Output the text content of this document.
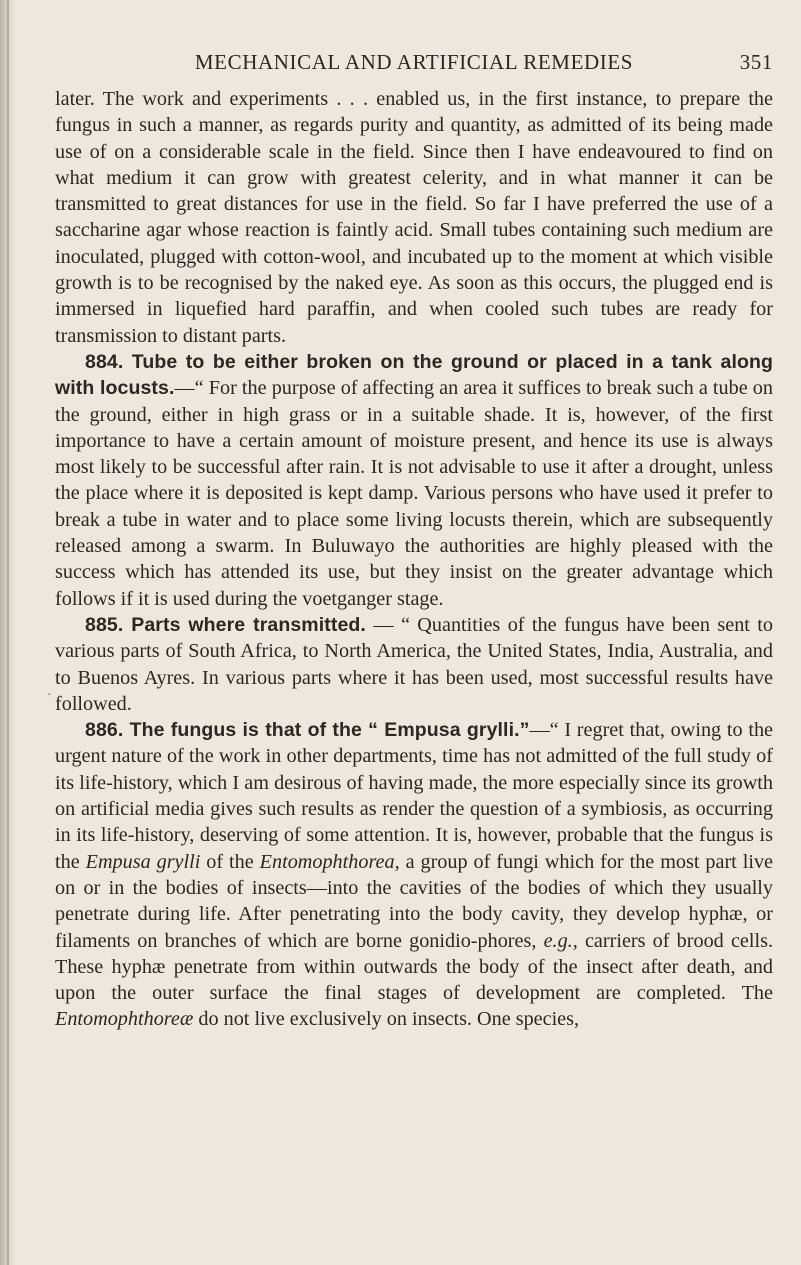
·
MECHANICAL AND ARTIFICIAL REMEDIES	351

later. The work and experiments . . . enabled us, in the first instance, to prepare the fungus in such a manner, as regards purity and quantity, as admitted of its being made use of on a considerable scale in the field. Since then I have endeavoured to find on what medium it can grow with greatest celerity, and in what manner it can be transmitted to great distances for use in the field. So far I have preferred the use of a saccharine agar whose reaction is faintly acid. Small tubes containing such medium are inoculated, plugged with cotton-wool, and incubated up to the moment at which visible growth is to be recognised by the naked eye. As soon as this occurs, the plugged end is immersed in liquefied hard paraffin, and when cooled such tubes are ready for transmission to distant parts.

884. Tube to be either broken on the ground or placed in a tank along with locusts.—“ For the purpose of affecting an area it suffices to break such a tube on the ground, either in high grass or in a suitable shade. It is, however, of the first importance to have a certain amount of moisture present, and hence its use is always most likely to be successful after rain. It is not advisable to use it after a drought, unless the place where it is deposited is kept damp. Various persons who have used it prefer to break a tube in water and to place some living locusts therein, which are subsequently released among a swarm. In Buluwayo the authorities are highly pleased with the success which has attended its use, but they insist on the greater advantage which follows if it is used during the voetganger stage.

885. Parts where transmitted. — “ Quantities of the fungus have been sent to various parts of South Africa, to North America, the United States, India, Australia, and to Buenos Ayres. In various parts where it has been used, most successful results have followed.

886. The fungus is that of the “ Empusa grylli.”—“ I regret that, owing to the urgent nature of the work in other departments, time has not admitted of the full study of its life-history, which I am desirous of having made, the more especially since its growth on artificial media gives such results as render the question of a symbiosis, as occurring in its life-history, deserving of some attention. It is, however, probable that the fungus is the Empusa grylli of the Entomophthorea, a group of fungi which for the most part live on or in the bodies of insects—into the cavities of the bodies of which they usually penetrate during life. After penetrating into the body cavity, they develop hyphæ, or filaments on branches of which are borne gonidio-phores, e.g., carriers of brood cells. These hyphæ penetrate from within outwards the body of the insect after death, and upon the outer surface the final stages of development are completed. The Entomophthoreæ do not live exclusively on insects. One species,
